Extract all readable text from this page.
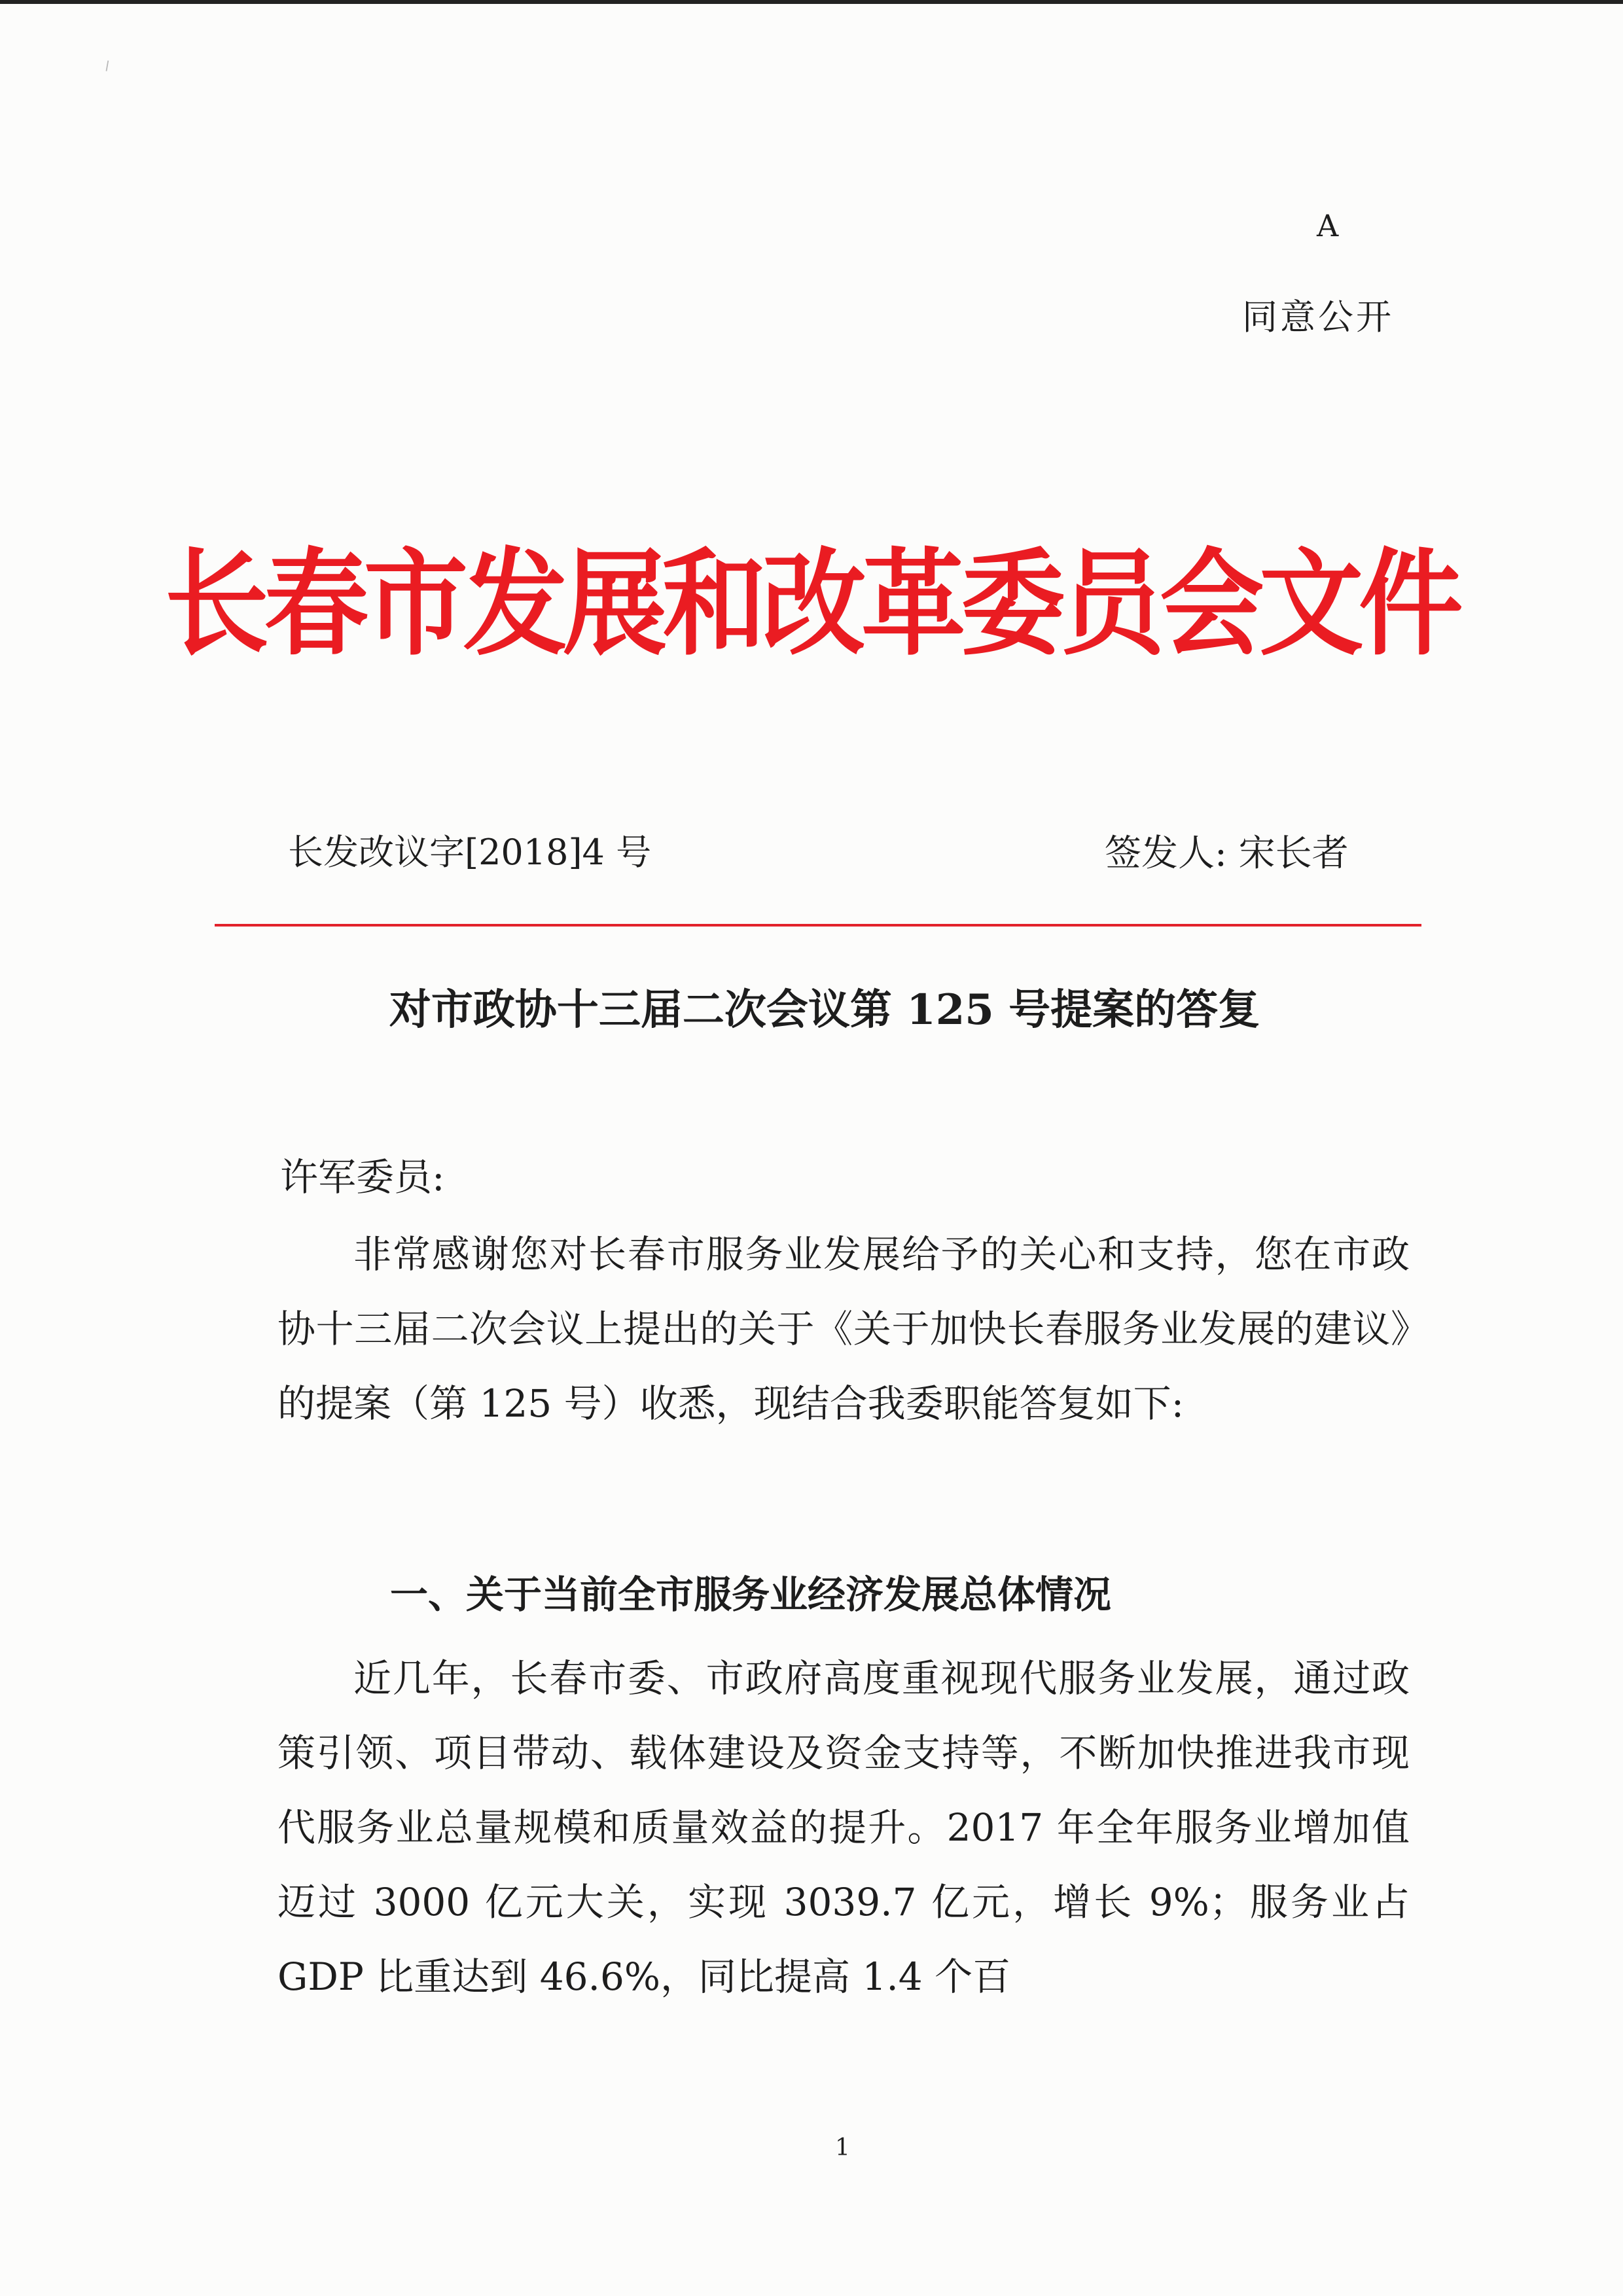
⸝
A
同意公开
长春市发展和改革委员会文件
长发改议字[2018]4 号	签发人: 宋长者
对市政协十三届二次会议第 125 号提案的答复
许军委员:

非常感谢您对长春市服务业发展给予的关心和支持，您在市政协十三届二次会议上提出的关于《关于加快长春服务业发展的建议》的提案（第 125 号）收悉，现结合我委职能答复如下:

一、关于当前全市服务业经济发展总体情况

近几年，长春市委、市政府高度重视现代服务业发展，通过政策引领、项目带动、载体建设及资金支持等，不断加快推进我市现代服务业总量规模和质量效益的提升。2017 年全年服务业增加值迈过 3000 亿元大关，实现 3039.7 亿元，增长 9%；服务业占 GDP 比重达到 46.6%，同比提高 1.4 个百

1
